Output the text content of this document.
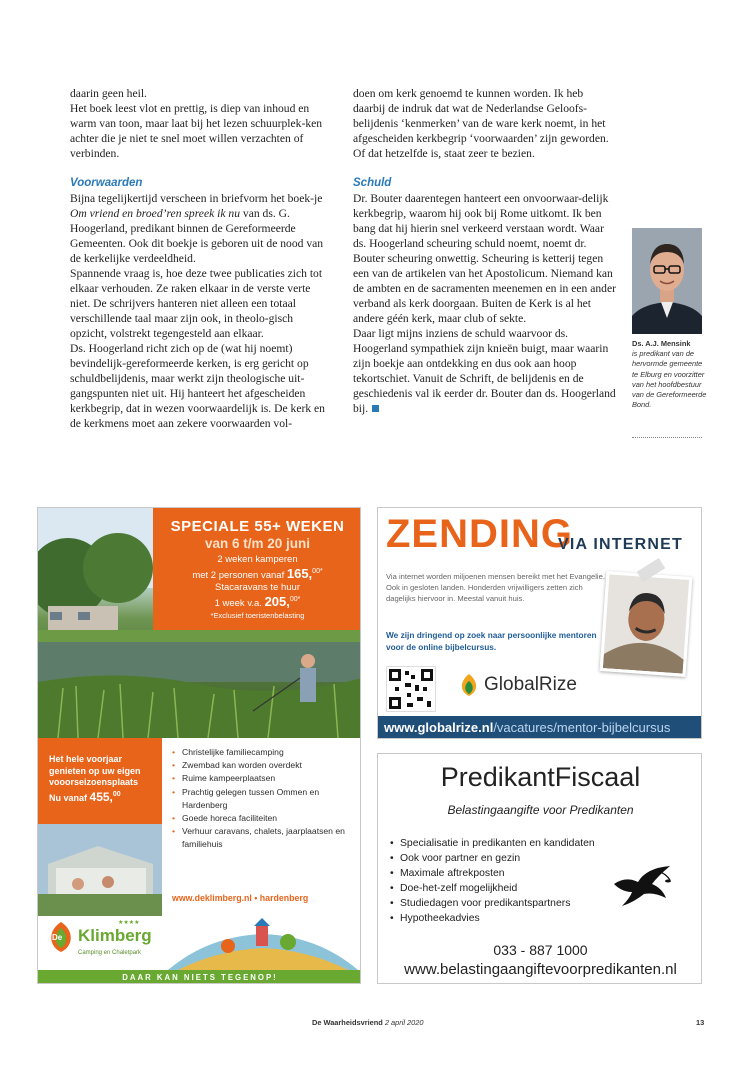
daarin geen heil.

Het boek leest vlot en prettig, is diep van inhoud en warm van toon, maar laat bij het lezen schuurplek-ken achter die je niet te snel moet willen verzachten of verbinden.

Voorwaarden

Bijna tegelijkertijd verscheen in briefvorm het boek-je Om vriend en broed’ren spreek ik nu van ds. G. Hoogerland, predikant binnen de Gereformeerde Gemeenten. Ook dit boekje is geboren uit de nood van de kerkelijke verdeeldheid.

Spannende vraag is, hoe deze twee publicaties zich tot elkaar verhouden. Ze raken elkaar in de verste verte niet. De schrijvers hanteren niet alleen een totaal verschillende taal maar zijn ook, in theolo-gisch opzicht, volstrekt tegengesteld aan elkaar.

Ds. Hoogerland richt zich op de (wat hij noemt) bevindelijk-gereformeerde kerken, is erg gericht op schuldbelijdenis, maar werkt zijn theologische uit-gangspunten niet uit. Hij hanteert het afgescheiden kerkbegrip, dat in wezen voorwaardelijk is. De kerk en de kerkmens moet aan zekere voorwaarden vol-

doen om kerk genoemd te kunnen worden. Ik heb daarbij de indruk dat wat de Nederlandse Geloofs-belijdenis ‘kenmerken’ van de ware kerk noemt, in het afgescheiden kerkbegrip ‘voorwaarden’ zijn geworden. Of dat hetzelfde is, staat zeer te bezien.

Schuld

Dr. Bouter daarentegen hanteert een onvoorwaar-delijk kerkbegrip, waarom hij ook bij Rome uitkomt. Ik ben bang dat hij hierin snel verkeerd verstaan wordt. Waar ds. Hoogerland scheuring schuld noemt, noemt dr. Bouter scheuring onwettig. Scheuring is ketterij tegen een van de artikelen van het Apostolicum. Niemand kan de ambten en de sacramenten meenemen en in een ander verband als kerk doorgaan. Buiten de Kerk is al het andere géén kerk, maar club of sekte.

Daar ligt mijns inziens de schuld waarvoor ds. Hoogerland sympathiek zijn knieën buigt, maar waarin zijn boekje aan ontdekking en dus ook aan hoop tekortschiet. Vanuit de Schrift, de belijdenis en de geschiedenis val ik eerder dr. Bouter dan ds. Hoogerland bij.

Ds. A.J. Mensink
is predikant van de hervormde gemeente te Elburg en voorzitter van het hoofdbestuur van de Gereformeerde Bond.
SPECIALE 55+ WEKEN
van 6 t/m 20 juni
2 weken kamperen
met 2 personen vanaf 165,$^{00*}$
Stacaravans te huur
1 week v.a. 205,$^{00*}$
*Exclusief toeristenbelasting
Het hele voorjaar
genieten op uw eigen
vooorseizoensplaats
Nu vanaf 455,00
• Christelijke familiecamping
• Zwembad kan worden overdekt
• Ruime kampeerplaatsen
• Prachtig gelegen tussen Ommen en Hardenberg
• Goede horeca faciliteiten
• Verhuur caravans, chalets, jaarplaatsen en familiehuis
www.deklimberg.nl • hardenberg
De Klimberg
★★★★
Camping en Chaletpark
DAAR KAN NIETS TEGENOP!
ZENDING
VIA INTERNET
Via internet worden miljoenen mensen bereikt met het Evangelie. Ook in gesloten landen. Honderden vrijwilligers zetten zich dagelijks hiervoor in. Meestal vanuit huis.
We zijn dringend op zoek naar persoonlijke mentoren voor de online bijbelcursus.
GlobalRize
www.globalrize.nl/vacatures/mentor-bijbelcursus
PredikantFiscaal
Belastingaangifte voor Predikanten
• Specialisatie in predikanten en kandidaten
• Ook voor partner en gezin
• Maximale aftrekposten
• Doe-het-zelf mogelijkheid
• Studiedagen voor predikantspartners
• Hypotheekadvies
033 - 887 1000
www.belastingaangiftevoorpredikanten.nl
De Waarheidsvriend 2 april 2020	13
